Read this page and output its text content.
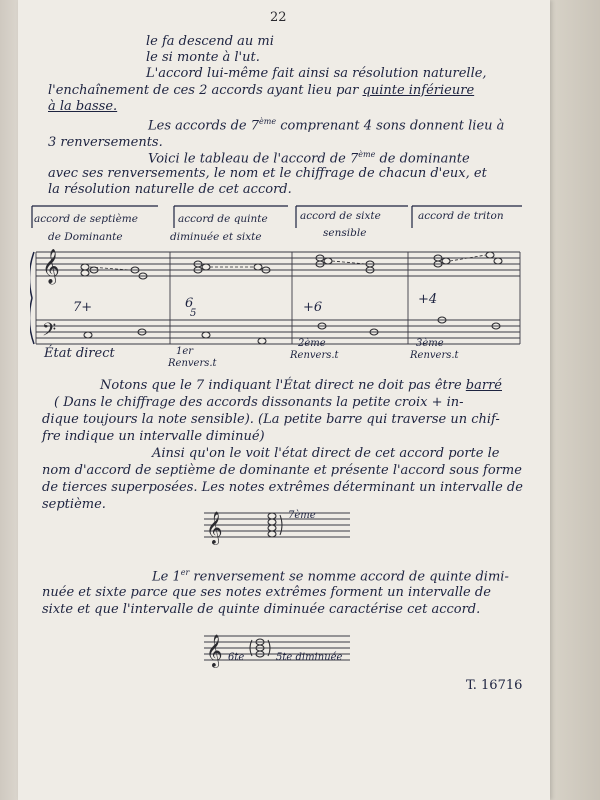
22
le fa descend au mi
le si monte à l'ut.
L'accord lui-même fait ainsi sa résolution naturelle,
l'enchaînement de ces 2 accords ayant lieu par quinte inférieure
à la basse.
Les accords de 7ème comprenant 4 sons donnent lieu à
3 renversements.
Voici le tableau de l'accord de 7ème de dominante
avec ses renversements, le nom et le chiffrage de chacun d'eux, et
la résolution naturelle de cet accord.
accord de septième
de Dominante
accord de quinte
diminuée et sixte
accord de sixte
sensible
accord de triton
𝄞
𝄢
7+	6
5	+6
+4
État direct	1er
Renvers.t
2ème
Renvers.t
3ème
Renvers.t
Notons que le 7 indiquant l'État direct ne doit pas être barré
( Dans le chiffrage des accords dissonants la petite croix + in-
dique toujours la note sensible). (La petite barre qui traverse un chif-
fre indique un intervalle diminué)
Ainsi qu'on le voit l'état direct de cet accord porte le
nom d'accord de septième de dominante et présente l'accord sous forme
de tierces superposées. Les notes extrêmes déterminant un intervalle de
septième.
𝄞	7ème
Le 1er renversement se nomme accord de quinte dimi-
nuée et sixte parce que ses notes extrêmes forment un intervalle de
sixte et que l'intervalle de quinte diminuée caractérise cet accord.
𝄞 6te	5te diminuée
T. 16716
